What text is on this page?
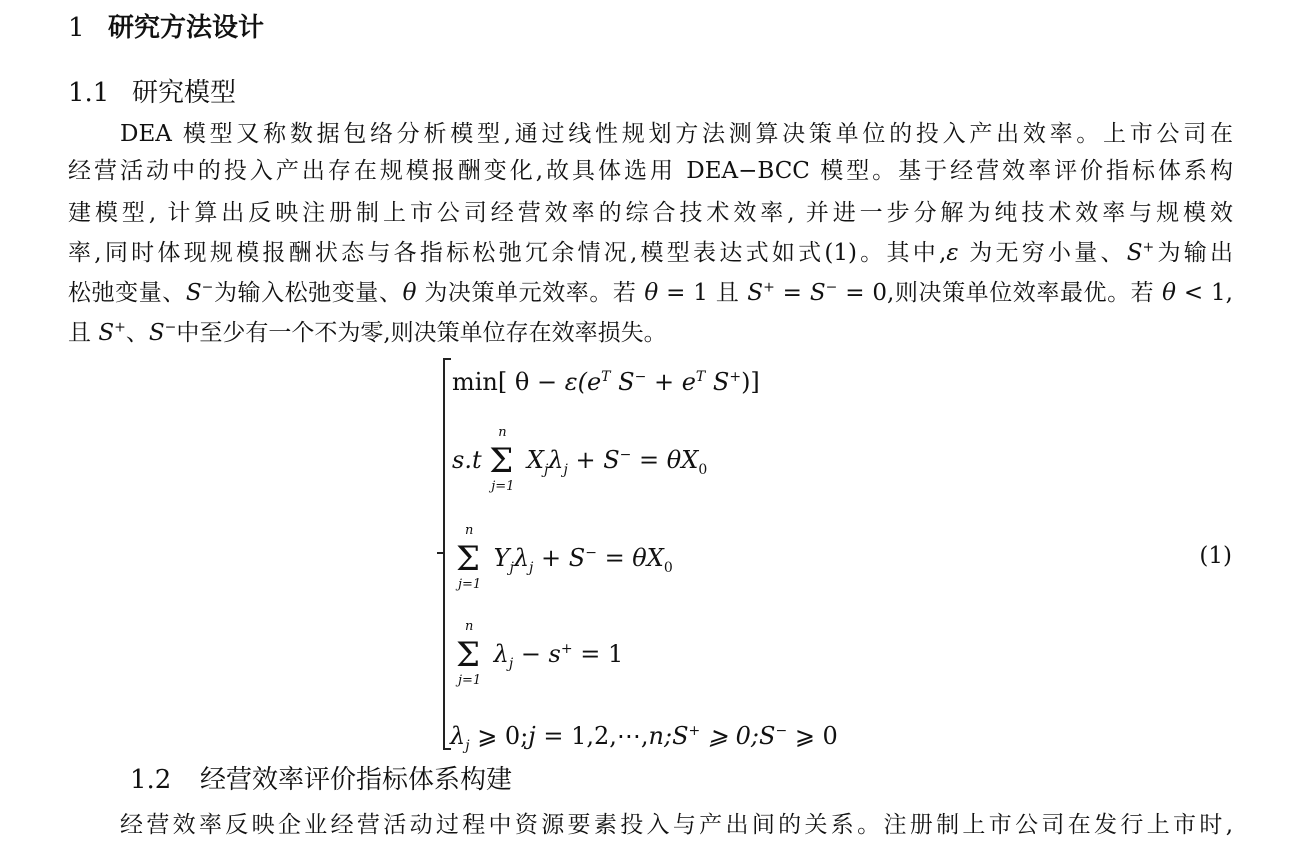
1 研究方法设计
1.1 研究模型
DEA 模型又称数据包络分析模型,通过线性规划方法测算决策单位的投入产出效率。上市公司在
经营活动中的投入产出存在规模报酬变化,故具体选用 DEA−BCC 模型。基于经营效率评价指标体系构
建模型, 计算出反映注册制上市公司经营效率的综合技术效率, 并进一步分解为纯技术效率与规模效
率,同时体现规模报酬状态与各指标松弛冗余情况,模型表达式如式(1)。其中,ε 为无穷小量、S+为输出
松弛变量、S−为输入松弛变量、θ 为决策单元效率。若 θ = 1 且 S+ = S− = 0,则决策单位效率最优。若 θ < 1,
且 S+、S−中至少有一个不为零,则决策单位存在效率损失。
min[ $\theta - \varepsilon(e^T$ $S^- + e^T$ S+)]
s.t Σ
n
j=1
$X_j\lambda_j + S^- = \theta X_0$
Σ
n
j=1
$Y_j\lambda_j + S^- = \theta X_0$	(1)
Σ
n
j=1
$\lambda_j - s^+ = 1$
$\lambda_j$ ⩾ 0;j = 1,2,⋯,n;S+ ⩾ 0;S− ⩾ 0
1.2 经营效率评价指标体系构建
经营效率反映企业经营活动过程中资源要素投入与产出间的关系。注册制上市公司在发行上市时,
